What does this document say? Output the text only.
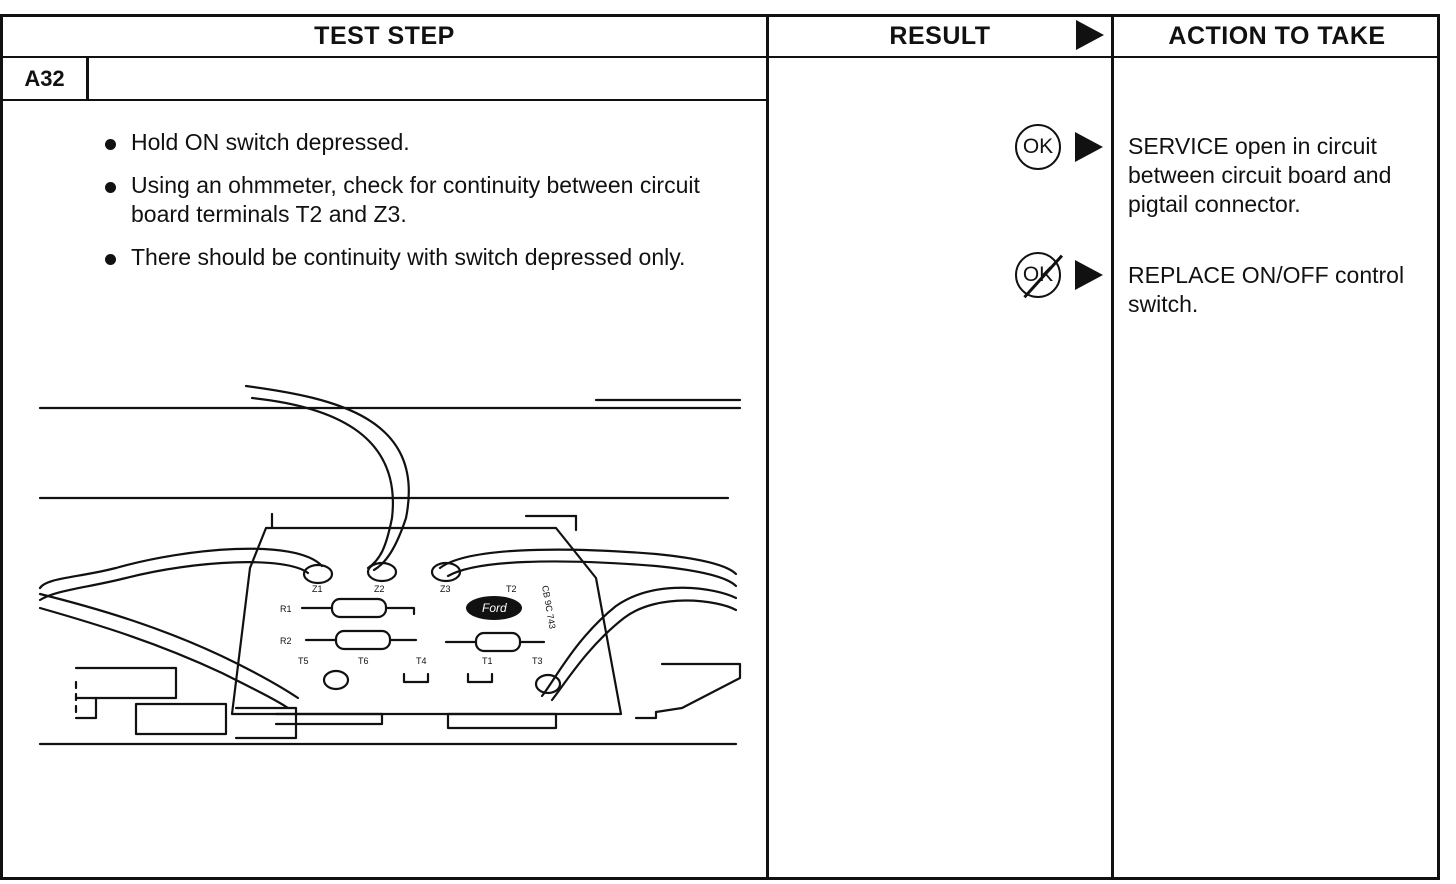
TEST STEP	RESULT	ACTION TO TAKE
A32
Hold ON switch depressed.
Using an ohmmeter, check for continuity between circuit board terminals T2 and Z3.
There should be continuity with switch depressed only.
OK	SERVICE open in circuit between circuit board and pigtail connector.
OK	REPLACE ON/OFF control switch.
Ford
Z1	Z2	Z3	T2
R1
R2
T5	T6	T4	T1	T3
CB 9C 743
